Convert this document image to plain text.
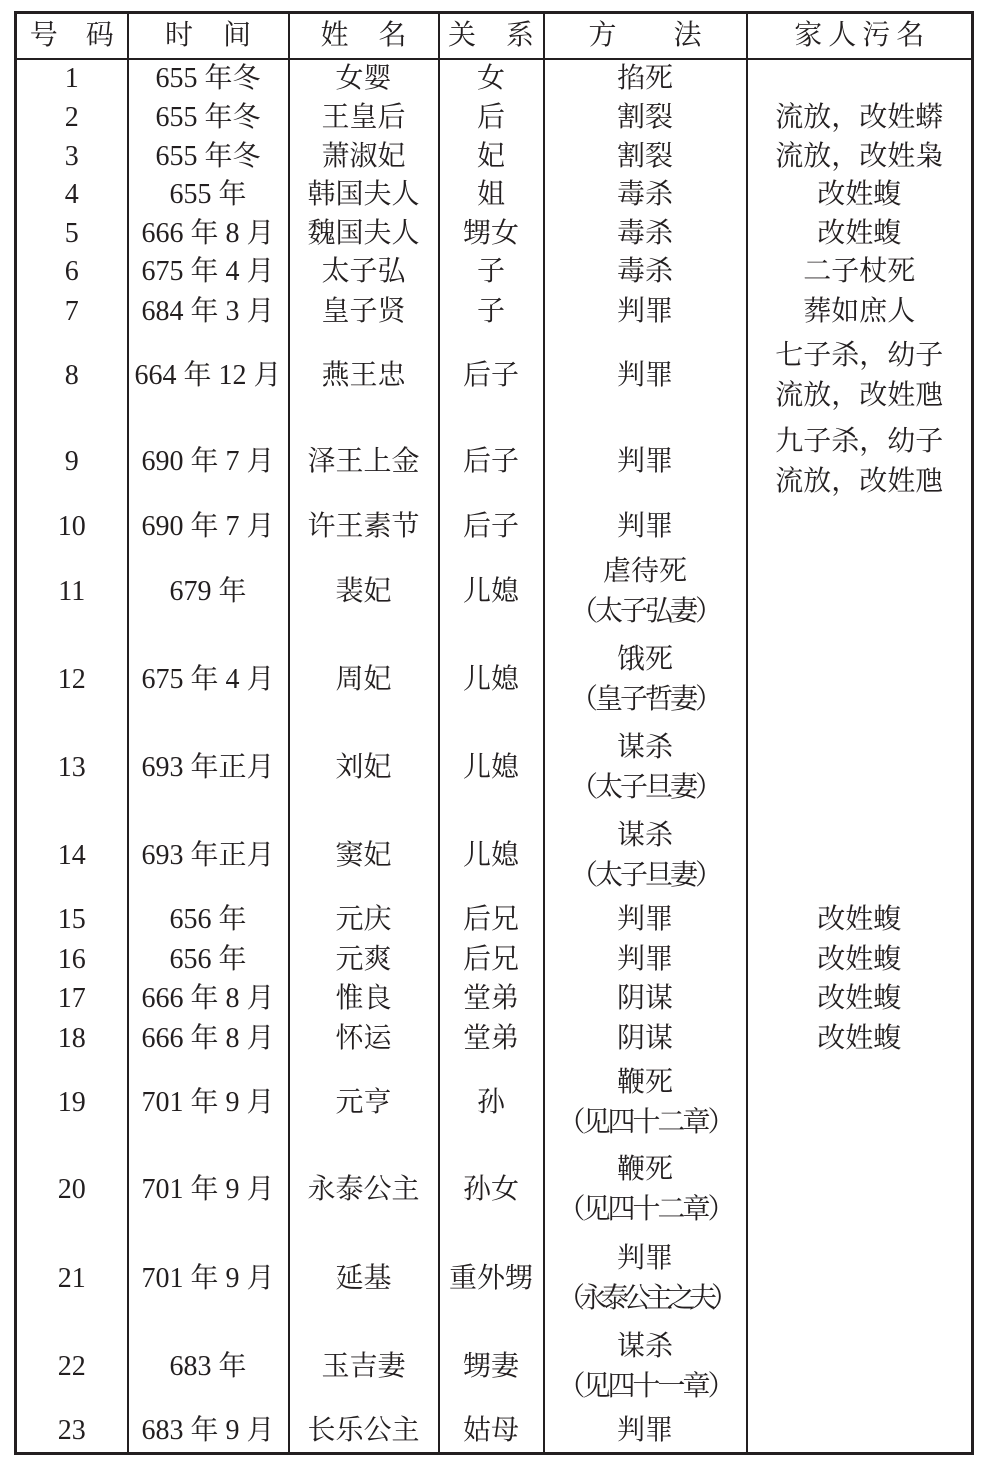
号码	时间	姓名	关系	方法	家人污名
1	655 年冬	女婴	女	掐死	
2	655 年冬	王皇后	后	割裂	流放，改姓蟒
3	655 年冬	萧淑妃	妃	割裂	流放，改姓枭
4	655 年	韩国夫人	姐	毒杀	改姓蝮
5	666 年 8 月	魏国夫人	甥女	毒杀	改姓蝮
6	675 年 4 月	太子弘	子	毒杀	二子杖死
7	684 年 3 月	皇子贤	子	判罪	葬如庶人
8	664 年 12 月	燕王忠	后子	判罪	七子杀，幼子
流放，改姓虺

9	690 年 7 月	泽王上金	后子	判罪	九子杀，幼子
流放，改姓虺

10	690 年 7 月	许王素节	后子	判罪	
11	679 年	裴妃	儿媳	虐待死
（太子弘妻）	

12	675 年 4 月	周妃	儿媳	饿死
（皇子哲妻）	

13	693 年正月	刘妃	儿媳	谋杀
（太子旦妻）	

14	693 年正月	窦妃	儿媳	谋杀
（太子旦妻）	

15	656 年	元庆	后兄	判罪	改姓蝮
16	656 年	元爽	后兄	判罪	改姓蝮
17	666 年 8 月	惟良	堂弟	阴谋	改姓蝮
18	666 年 8 月	怀运	堂弟	阴谋	改姓蝮
19	701 年 9 月	元亨	孙	鞭死
（见四十二章）	

20	701 年 9 月	永泰公主	孙女	鞭死
（见四十二章）	

21	701 年 9 月	延基	重外甥	判罪
（永泰公主之夫）	

22	683 年	玉吉妻	甥妻	谋杀
（见四十一章）	

23	683 年 9 月	长乐公主	姑母	判罪	
